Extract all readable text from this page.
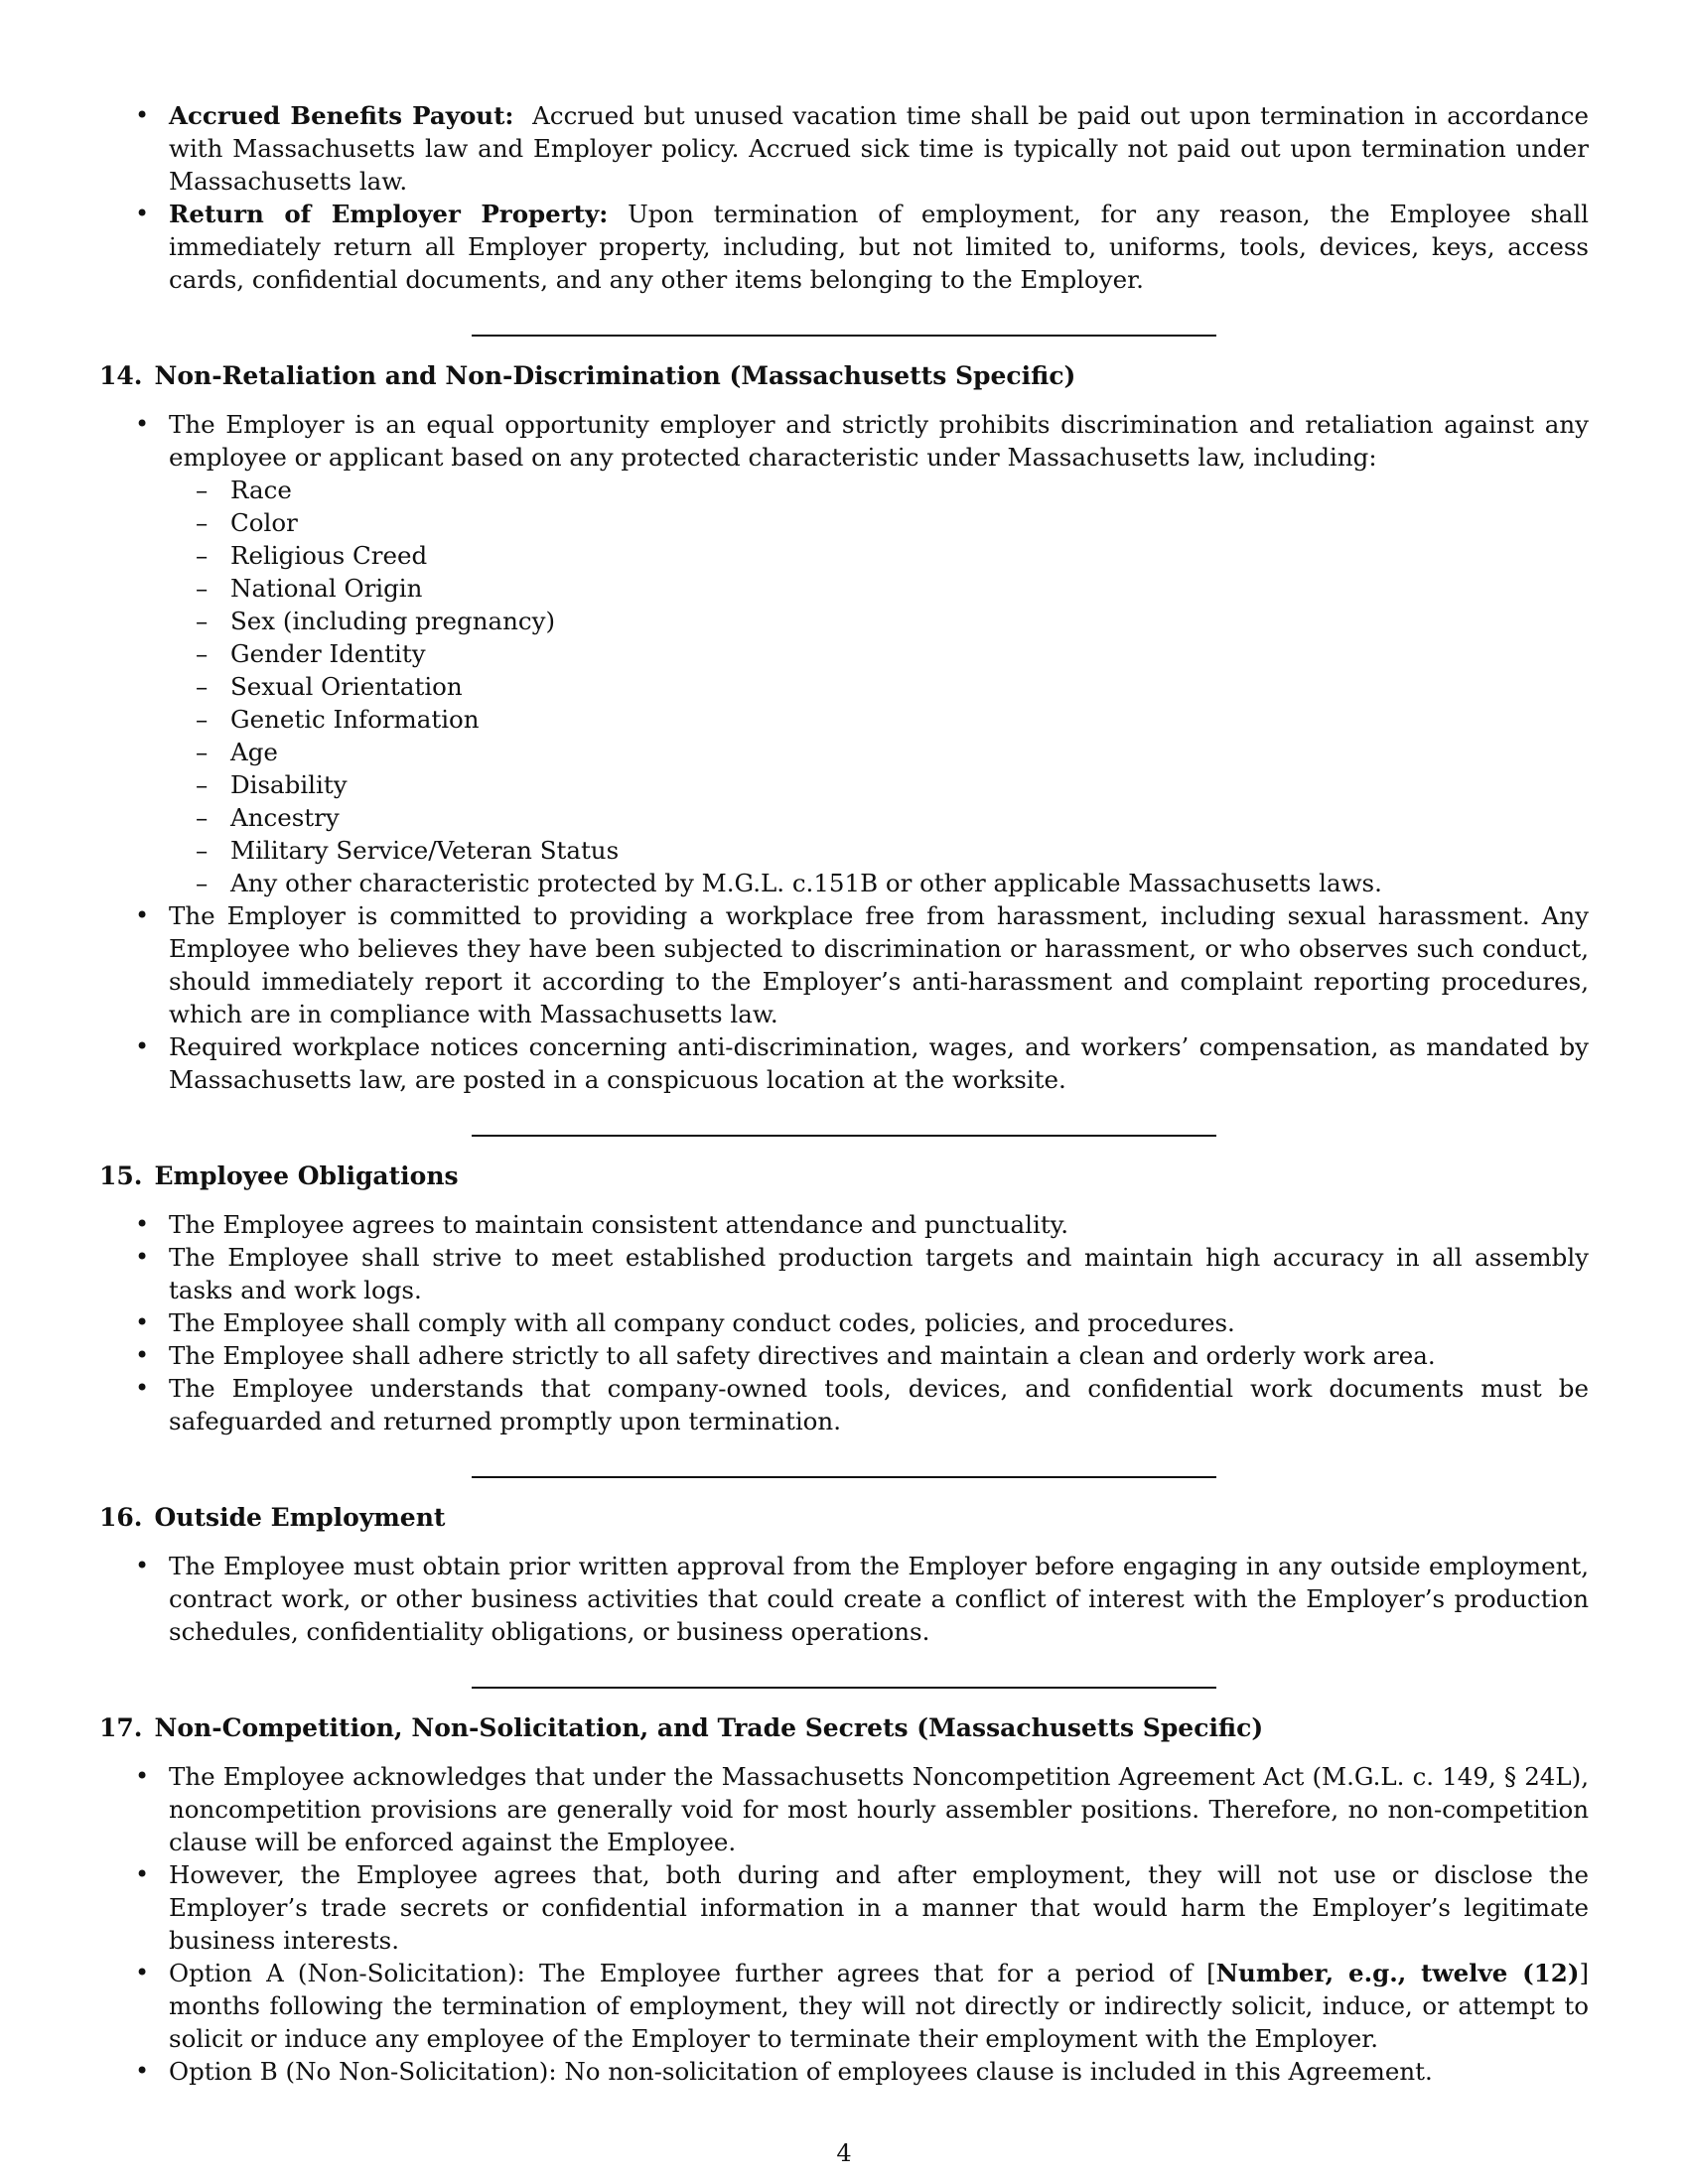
• Accrued Benefits Payout: Accrued but unused vacation time shall be paid out upon termination in accordance with Massachusetts law and Employer policy. Accrued sick time is typically not paid out upon termination under Massachusetts law.
• Return of Employer Property: Upon termination of employment, for any reason, the Employee shall immediately return all Employer property, including, but not limited to, uniforms, tools, devices, keys, access cards, confidential documents, and any other items belonging to the Employer.
14. Non-Retaliation and Non-Discrimination (Massachusetts Specific)
• The Employer is an equal opportunity employer and strictly prohibits discrimination and retaliation against any employee or applicant based on any protected characteristic under Massachusetts law, including:
– Race
– Color
– Religious Creed
– National Origin
– Sex (including pregnancy)
– Gender Identity
– Sexual Orientation
– Genetic Information
– Age
– Disability
– Ancestry
– Military Service/Veteran Status
– Any other characteristic protected by M.G.L. c.151B or other applicable Massachusetts laws.
• The Employer is committed to providing a workplace free from harassment, including sexual harassment. Any Employee who believes they have been subjected to discrimination or harassment, or who observes such conduct, should immediately report it according to the Employer’s anti-harassment and complaint reporting procedures, which are in compliance with Massachusetts law.
• Required workplace notices concerning anti-discrimination, wages, and workers’ compensation, as mandated by Massachusetts law, are posted in a conspicuous location at the worksite.
15. Employee Obligations
• The Employee agrees to maintain consistent attendance and punctuality.
• The Employee shall strive to meet established production targets and maintain high accuracy in all assembly tasks and work logs.
• The Employee shall comply with all company conduct codes, policies, and procedures.
• The Employee shall adhere strictly to all safety directives and maintain a clean and orderly work area.
• The Employee understands that company-owned tools, devices, and confidential work documents must be safeguarded and returned promptly upon termination.
16. Outside Employment
• The Employee must obtain prior written approval from the Employer before engaging in any outside employment, contract work, or other business activities that could create a conflict of interest with the Employer’s production schedules, confidentiality obligations, or business operations.
17. Non-Competition, Non-Solicitation, and Trade Secrets (Massachusetts Specific)
• The Employee acknowledges that under the Massachusetts Noncompetition Agreement Act (M.G.L. c. 149, § 24L), noncompetition provisions are generally void for most hourly assembler positions. Therefore, no non-competition clause will be enforced against the Employee.
• However, the Employee agrees that, both during and after employment, they will not use or disclose the Employer’s trade secrets or confidential information in a manner that would harm the Employer’s legitimate business interests.
• Option A (Non-Solicitation): The Employee further agrees that for a period of [Number, e.g., twelve (12)] months following the termination of employment, they will not directly or indirectly solicit, induce, or attempt to solicit or induce any employee of the Employer to terminate their employment with the Employer.
• Option B (No Non-Solicitation): No non-solicitation of employees clause is included in this Agreement.
4
